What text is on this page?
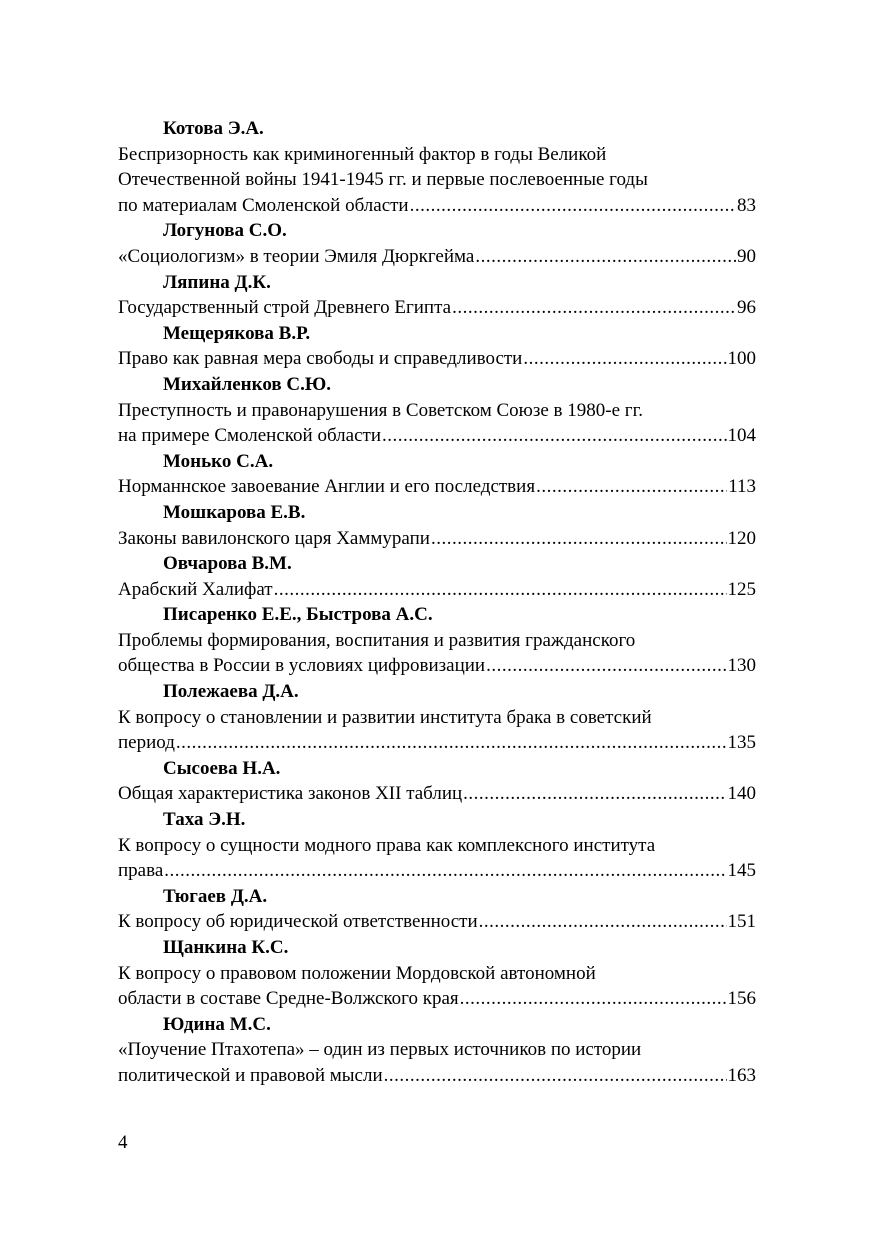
Котова Э.А.
Беспризорность как криминогенный фактор в годы Великой
Отечественной войны 1941-1945 гг. и первые послевоенные годы
по материалам Смоленской области .....	83
Логунова С.О.
«Социологизм» в теории Эмиля Дюркгейма .....	90
Ляпина Д.К.
Государственный строй Древнего Египта .....	96
Мещерякова В.Р.
Право как равная мера свободы и справедливости .....	100
Михайленков С.Ю.
Преступность и правонарушения в Советском Союзе в 1980-е гг.
на примере Смоленской области .....	104
Монько С.А.
Норманнское завоевание Англии и его последствия .....	113
Мошкарова Е.В.
Законы вавилонского царя Хаммурапи .....	120
Овчарова В.М.
Арабский Халифат .....	125
Писаренко Е.Е., Быстрова А.С.
Проблемы формирования, воспитания и развития гражданского
общества в России в условиях цифровизации .....	130
Полежаева Д.А.
К вопросу о становлении и развитии института брака в советский
период .....	135
Сысоева Н.А.
Общая характеристика законов XII таблиц .....	140
Таха Э.Н.
К вопросу о сущности модного права как комплексного института
права .....	145
Тюгаев Д.А.
К вопросу об юридической ответственности .....	151
Щанкина К.С.
К вопросу о правовом положении Мордовской автономной
области в составе Средне-Волжского края .....	156
Юдина М.С.
«Поучение Птахотепа» – один из первых источников по истории
политической и правовой мысли .....	163
4
